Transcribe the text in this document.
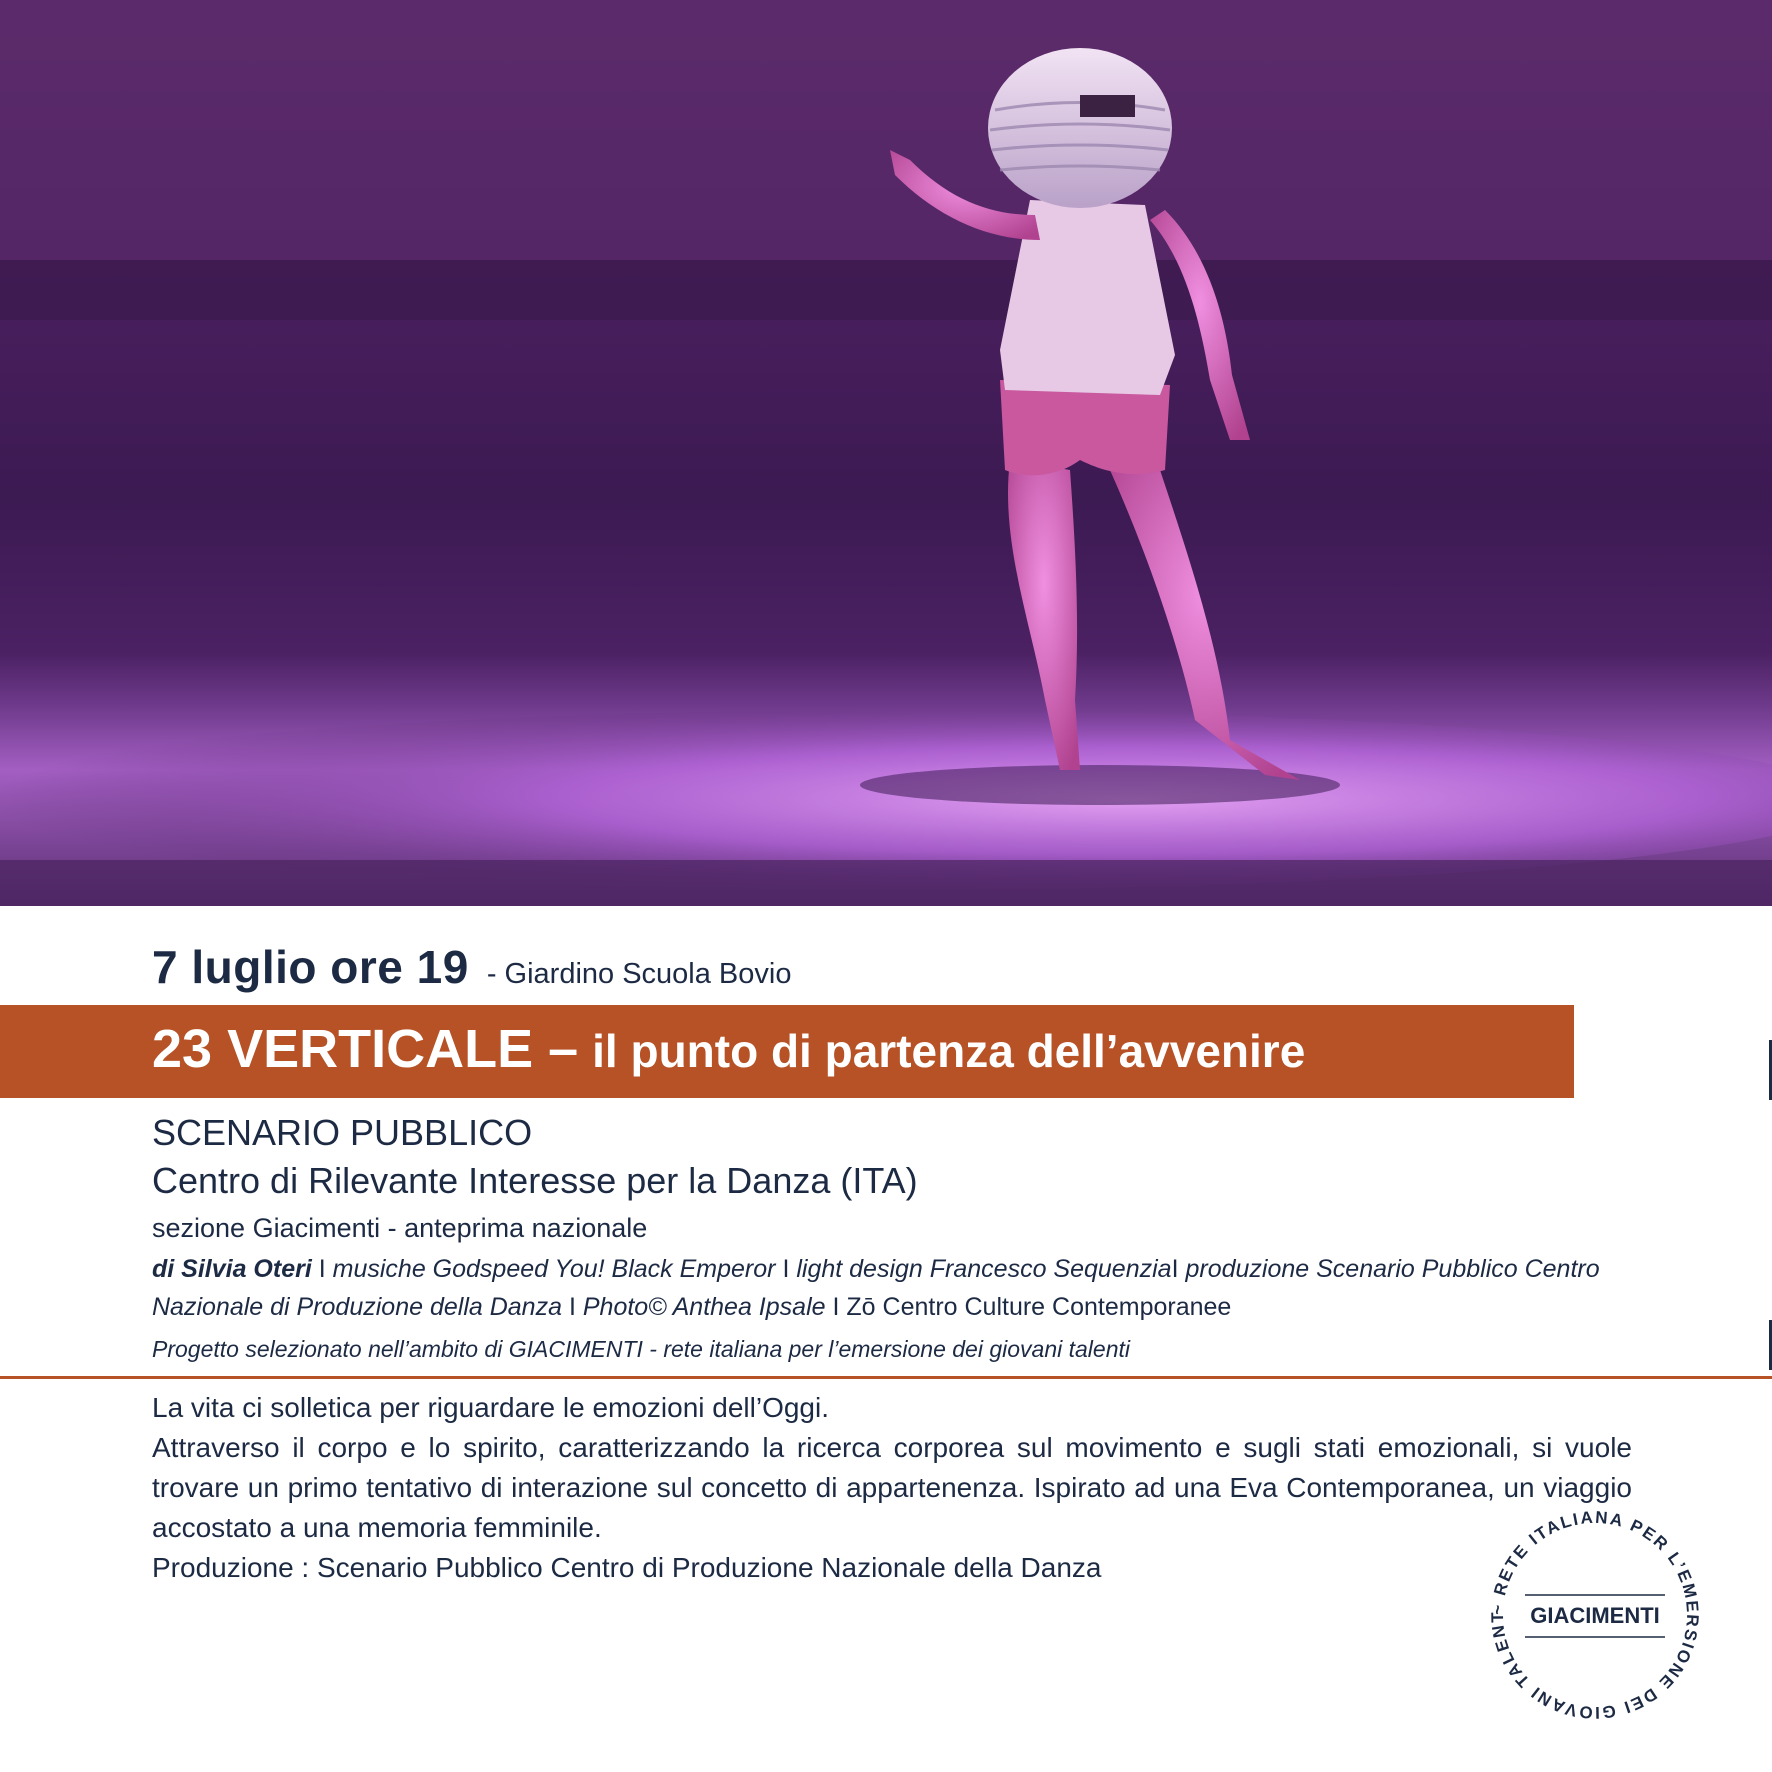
7 luglio ore 19 - Giardino Scuola Bovio
23 VERTICALE – il punto di partenza dell’avvenire
SCENARIO PUBBLICO
Centro di Rilevante Interesse per la Danza (ITA)
sezione Giacimenti - anteprima nazionale
di Silvia Oteri I musiche Godspeed You! Black Emperor I light design Francesco SequenziaI produzione Scenario Pubblico Centro Nazionale di Produzione della Danza I Photo© Anthea Ipsale I Zō Centro Culture Contemporanee
Progetto selezionato nell’ambito di GIACIMENTI - rete italiana per l’emersione dei giovani talenti

La vita ci solletica per riguardare le emozioni dell’Oggi.

Attraverso il corpo e lo spirito, caratterizzando la ricerca corporea sul movimento e sugli stati emozionali, si vuole trovare un primo tentativo di interazione sul concetto di appartenenza. Ispirato ad una Eva Contemporanea, un viaggio accostato a una memoria femminile.

Produzione : Scenario Pubblico Centro di Produzione Nazionale della Danza

~ RETE ITALIANA PER L’EMERSIONE DEI GIOVANI TALENT	GIACIMENTI
